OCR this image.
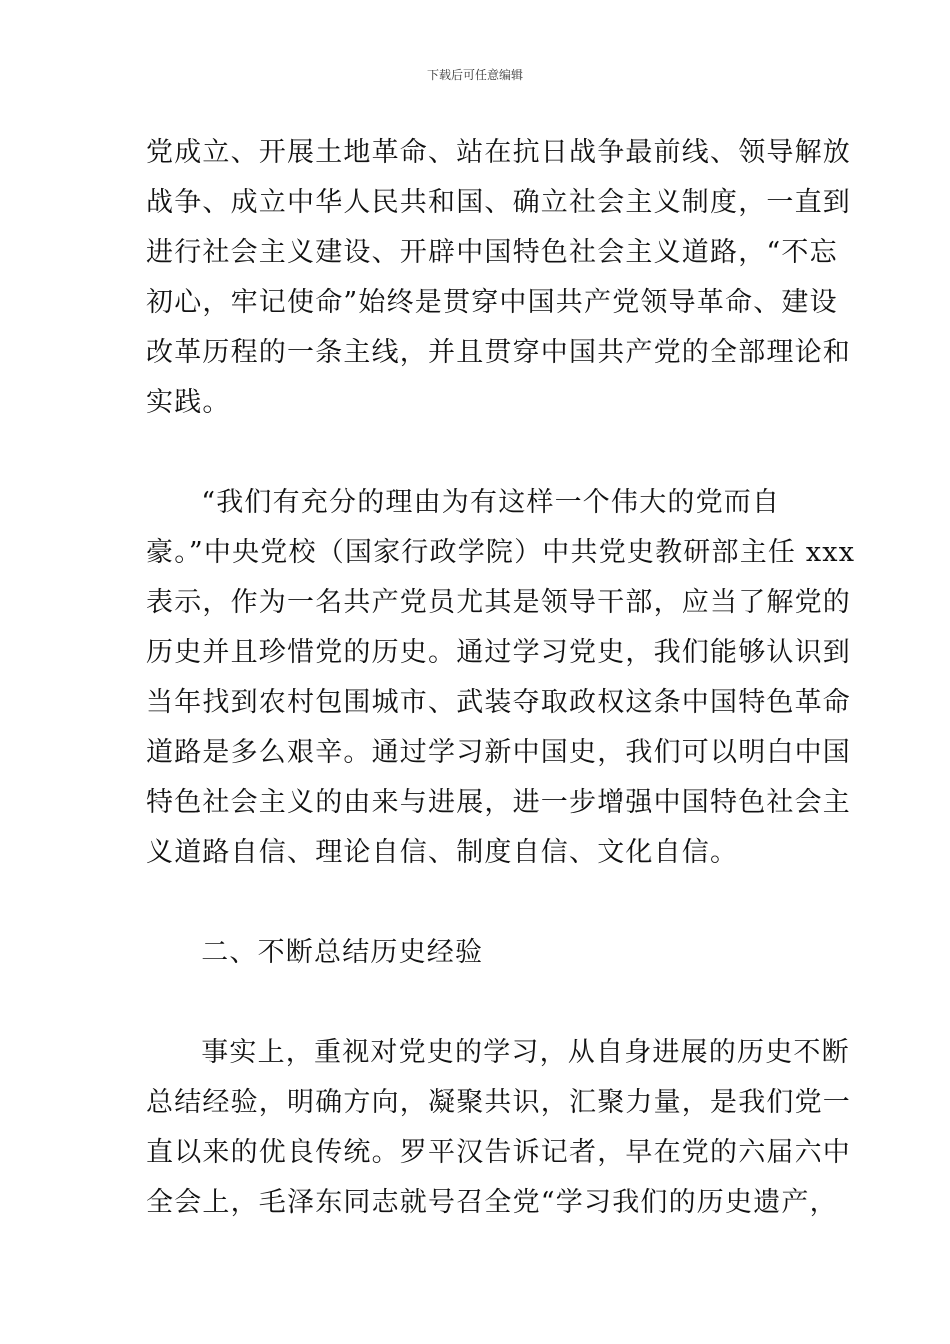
下载后可任意编辑
党成立、开展土地革命、站在抗日战争最前线、领导解放
战争、成立中华人民共和国、确立社会主义制度，一直到
进行社会主义建设、开辟中国特色社会主义道路，“不忘
初心，牢记使命”始终是贯穿中国共产党领导革命、建设
改革历程的一条主线，并且贯穿中国共产党的全部理论和
实践。
　“我们有充分的理由为有这样一个伟大的党而自
豪。”中央党校（国家行政学院）中共党史教研部主任 xxx
表示，作为一名共产党员尤其是领导干部，应当了解党的
历史并且珍惜党的历史。通过学习党史，我们能够认识到
当年找到农村包围城市、武装夺取政权这条中国特色革命
道路是多么艰辛。通过学习新中国史，我们可以明白中国
特色社会主义的由来与进展，进一步增强中国特色社会主
义道路自信、理论自信、制度自信、文化自信。
　二、不断总结历史经验
　事实上，重视对党史的学习，从自身进展的历史不断
总结经验，明确方向，凝聚共识，汇聚力量，是我们党一
直以来的优良传统。罗平汉告诉记者，早在党的六届六中
全会上，毛泽东同志就号召全党“学习我们的历史遗产，
